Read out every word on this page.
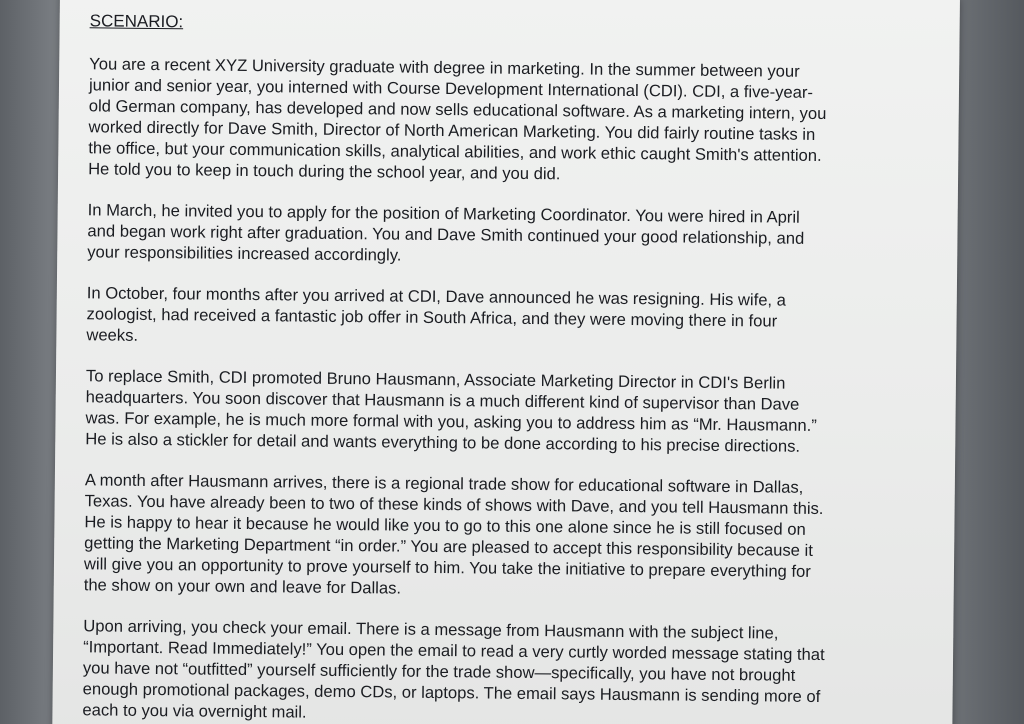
SCENARIO:
You are a recent XYZ University graduate with degree in marketing. In the summer between your
junior and senior year, you interned with Course Development International (CDI). CDI, a five-year-
old German company, has developed and now sells educational software. As a marketing intern, you
worked directly for Dave Smith, Director of North American Marketing. You did fairly routine tasks in
the office, but your communication skills, analytical abilities, and work ethic caught Smith's attention.
He told you to keep in touch during the school year, and you did.
In March, he invited you to apply for the position of Marketing Coordinator. You were hired in April
and began work right after graduation. You and Dave Smith continued your good relationship, and
your responsibilities increased accordingly.
In October, four months after you arrived at CDI, Dave announced he was resigning. His wife, a
zoologist, had received a fantastic job offer in South Africa, and they were moving there in four
weeks.
To replace Smith, CDI promoted Bruno Hausmann, Associate Marketing Director in CDI's Berlin
headquarters. You soon discover that Hausmann is a much different kind of supervisor than Dave
was. For example, he is much more formal with you, asking you to address him as “Mr. Hausmann.”
He is also a stickler for detail and wants everything to be done according to his precise directions.
A month after Hausmann arrives, there is a regional trade show for educational software in Dallas,
Texas. You have already been to two of these kinds of shows with Dave, and you tell Hausmann this.
He is happy to hear it because he would like you to go to this one alone since he is still focused on
getting the Marketing Department “in order.” You are pleased to accept this responsibility because it
will give you an opportunity to prove yourself to him. You take the initiative to prepare everything for
the show on your own and leave for Dallas.
Upon arriving, you check your email. There is a message from Hausmann with the subject line,
“Important. Read Immediately!” You open the email to read a very curtly worded message stating that
you have not “outfitted” yourself sufficiently for the trade show—specifically, you have not brought
enough promotional packages, demo CDs, or laptops. The email says Hausmann is sending more of
each to you via overnight mail.
